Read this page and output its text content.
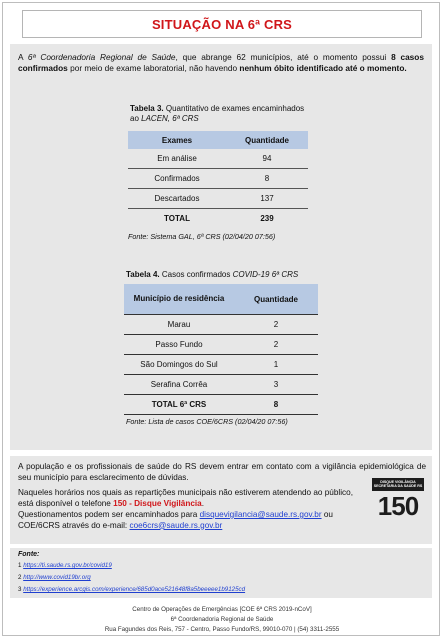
SITUAÇÃO NA 6ª CRS
A 6ª Coordenadoria Regional de Saúde, que abrange 62 municípios, até o momento possui 8 casos confirmados por meio de exame laboratorial, não havendo nenhum óbito identificado até o momento.
Tabela 3. Quantitativo de exames encaminhados ao LACEN, 6ª CRS
Exames	Quantidade
Em análise	94
Confirmados	8
Descartados	137
TOTAL	239
Fonte: Sistema GAL, 6ª CRS (02/04/20 07:56)
Tabela 4. Casos confirmados COVID-19 6ª CRS
Município de residência	Quantidade
Marau	2
Passo Fundo	2
São Domingos do Sul	1
Serafina Corrêa	3
TOTAL 6ª CRS	8
Fonte: Lista de casos COE/6CRS (02/04/20 07:56)

A população e os profissionais de saúde do RS devem entrar em contato com a vigilância epidemiológica de seu município para esclarecimento de dúvidas.

Naqueles horários nos quais as repartições municipais não estiverem atendendo ao público, está disponível o telefone 150 - Disque Vigilância.

Questionamentos podem ser encaminhados para disquevigilancia@saude.rs.gov.br ou COE/6CRS através do e-mail: coe6crs@saude.rs.gov.br

DISQUE VIGILÂNCIA SECRETARIA DA SAÚDE RS
150
Fonte:
1 https://ti.saude.rs.gov.br/covid19
2 http://www.covid19br.org
3 https://experience.arcgis.com/experience/685d0ace521648f8a5beeeee1b9125cd
Centro de Operações de Emergências [COE 6ª CRS 2019-nCoV]
6ª Coordenadoria Regional de Saúde
Rua Fagundes dos Reis, 757 - Centro, Passo Fundo/RS, 99010-070 | (54) 3311-2555
